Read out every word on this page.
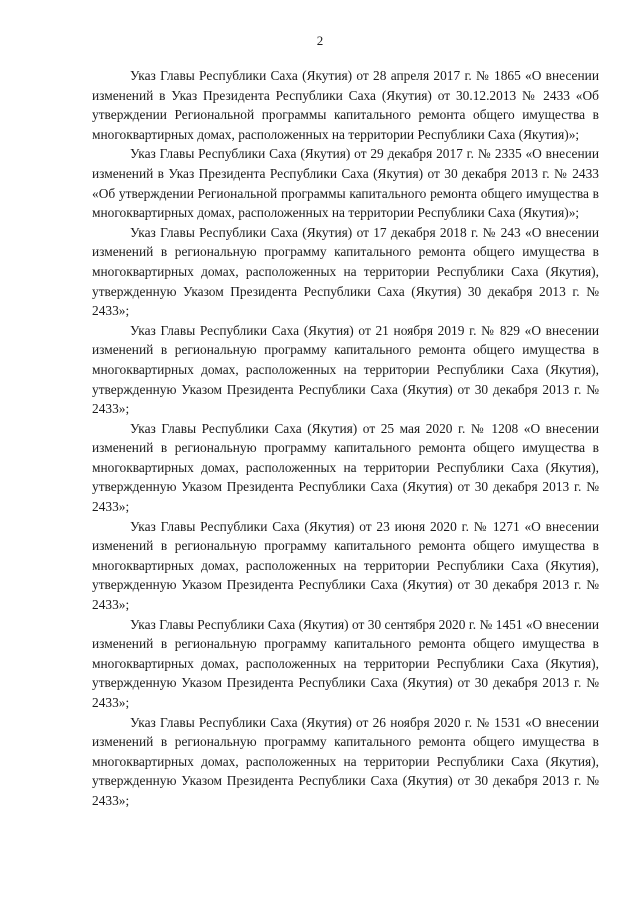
2

Указ Главы Республики Саха (Якутия) от 28 апреля 2017 г. № 1865 «О внесении изменений в Указ Президента Республики Саха (Якутия) от 30.12.2013 № 2433 «Об утверждении Региональной программы капитального ремонта общего имущества в многоквартирных домах, расположенных на территории Республики Саха (Якутия)»;

Указ Главы Республики Саха (Якутия) от 29 декабря 2017 г. № 2335 «О внесении изменений в Указ Президента Республики Саха (Якутия) от 30 декабря 2013 г. № 2433 «Об утверждении Региональной программы капитального ремонта общего имущества в многоквартирных домах, расположенных на территории Республики Саха (Якутия)»;

Указ Главы Республики Саха (Якутия) от 17 декабря 2018 г. № 243 «О внесении изменений в региональную программу капитального ремонта общего имущества в многоквартирных домах, расположенных на территории Республики Саха (Якутия), утвержденную Указом Президента Республики Саха (Якутия) 30 декабря 2013 г. № 2433»;

Указ Главы Республики Саха (Якутия) от 21 ноября 2019 г. № 829 «О внесении изменений в региональную программу капитального ремонта общего имущества в многоквартирных домах, расположенных на территории Республики Саха (Якутия), утвержденную Указом Президента Республики Саха (Якутия) от 30 декабря 2013 г. № 2433»;

Указ Главы Республики Саха (Якутия) от 25 мая 2020 г. № 1208 «О внесении изменений в региональную программу капитального ремонта общего имущества в многоквартирных домах, расположенных на территории Республики Саха (Якутия), утвержденную Указом Президента Республики Саха (Якутия) от 30 декабря 2013 г. № 2433»;

Указ Главы Республики Саха (Якутия) от 23 июня 2020 г. № 1271 «О внесении изменений в региональную программу капитального ремонта общего имущества в многоквартирных домах, расположенных на территории Республики Саха (Якутия), утвержденную Указом Президента Республики Саха (Якутия) от 30 декабря 2013 г. № 2433»;

Указ Главы Республики Саха (Якутия) от 30 сентября 2020 г. № 1451 «О внесении изменений в региональную программу капитального ремонта общего имущества в многоквартирных домах, расположенных на территории Республики Саха (Якутия), утвержденную Указом Президента Республики Саха (Якутия) от 30 декабря 2013 г. № 2433»;

Указ Главы Республики Саха (Якутия) от 26 ноября 2020 г. № 1531 «О внесении изменений в региональную программу капитального ремонта общего имущества в многоквартирных домах, расположенных на территории Республики Саха (Якутия), утвержденную Указом Президента Республики Саха (Якутия) от 30 декабря 2013 г. № 2433»;
